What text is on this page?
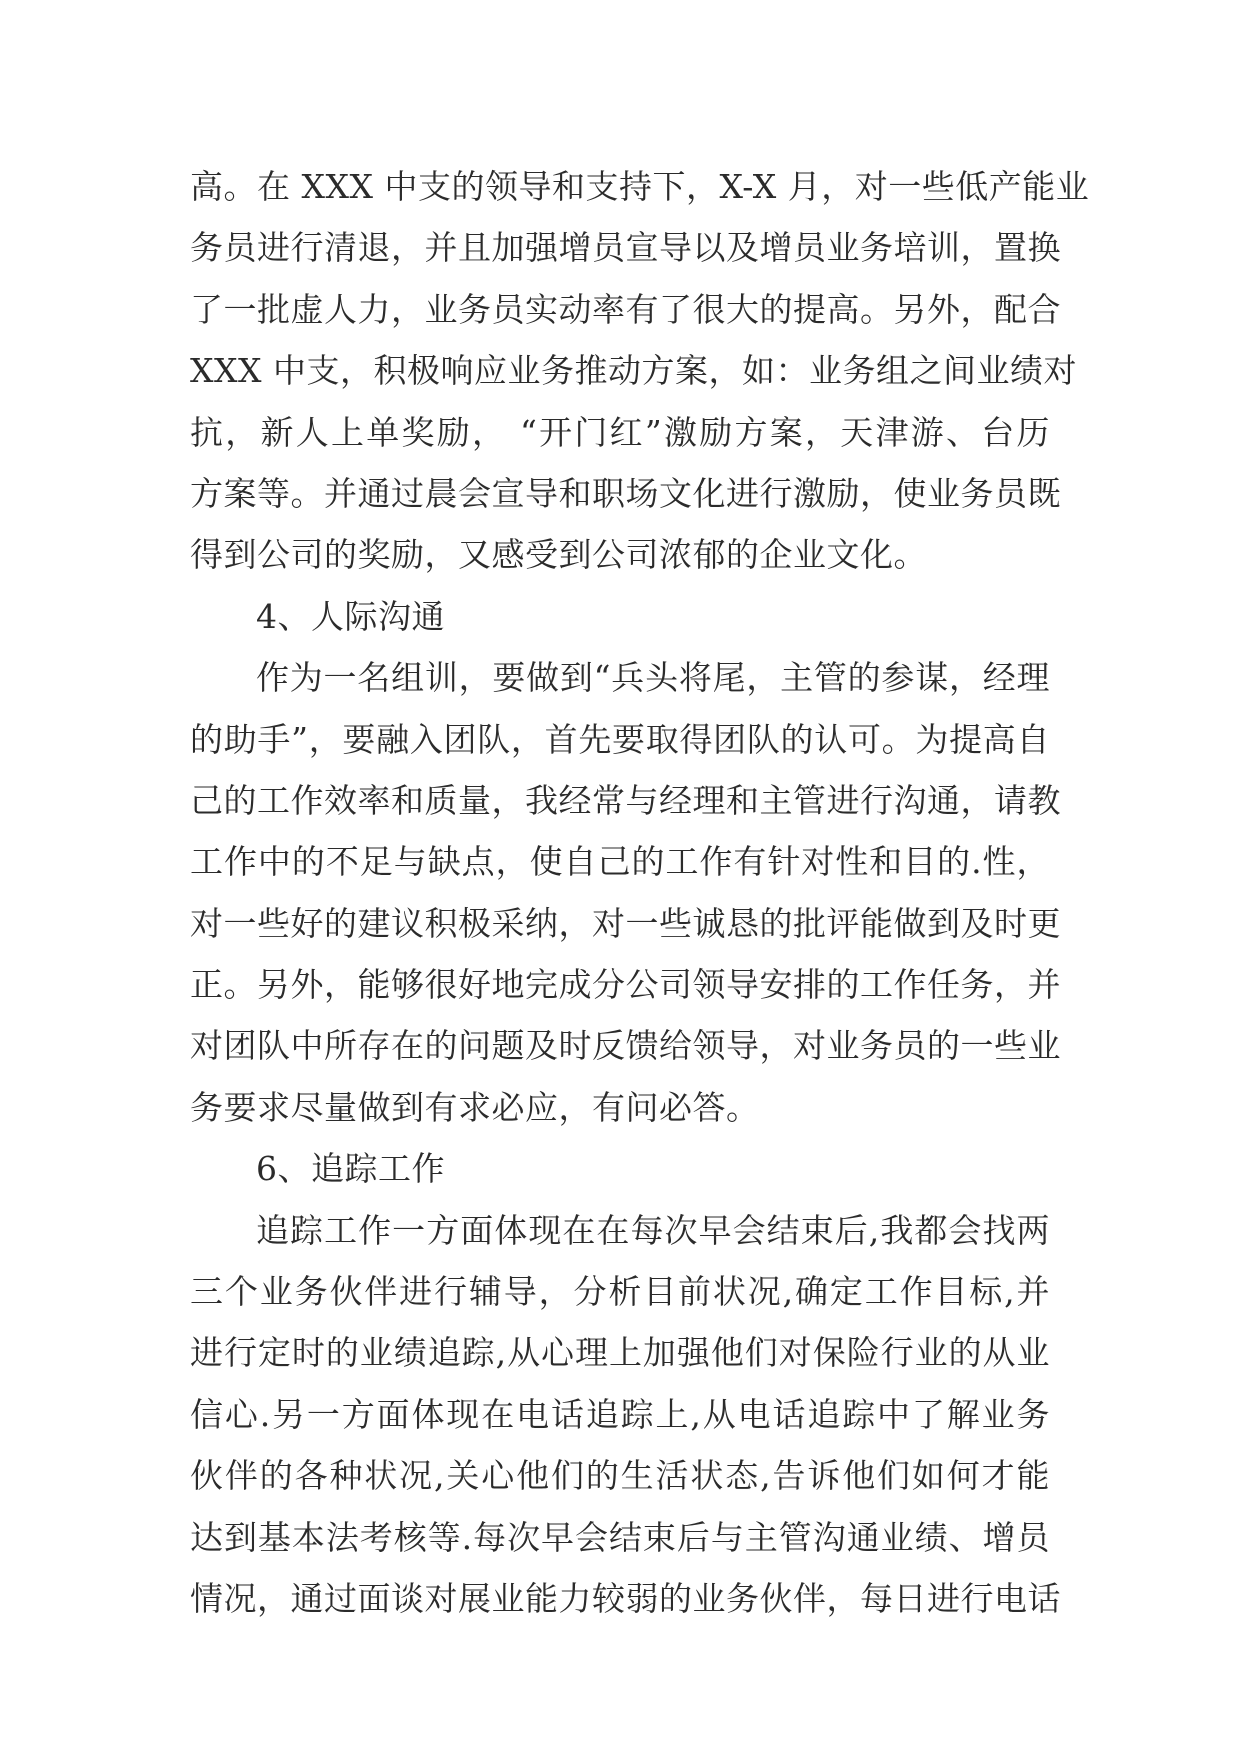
高。在 XXX 中支的领导和支持下，X-X 月，对一些低产能业
务员进行清退，并且加强增员宣导以及增员业务培训，置换
了一批虚人力，业务员实动率有了很大的提高。另外，配合
XXX 中支，积极响应业务推动方案，如：业务组之间业绩对
抗，新人上单奖励， “开门红”激励方案，天津游、台历
方案等。并通过晨会宣导和职场文化进行激励，使业务员既
得到公司的奖励，又感受到公司浓郁的企业文化。
4、人际沟通
作为一名组训，要做到“兵头将尾，主管的参谋，经理
的助手”，要融入团队，首先要取得团队的认可。为提高自
己的工作效率和质量，我经常与经理和主管进行沟通，请教
工作中的不足与缺点，使自己的工作有针对性和目的.性，
对一些好的建议积极采纳，对一些诚恳的批评能做到及时更
正。另外，能够很好地完成分公司领导安排的工作任务，并
对团队中所存在的问题及时反馈给领导，对业务员的一些业
务要求尽量做到有求必应，有问必答。
6、追踪工作
追踪工作一方面体现在在每次早会结束后,我都会找两
三个业务伙伴进行辅导，分析目前状况,确定工作目标,并
进行定时的业绩追踪,从心理上加强他们对保险行业的从业
信心.另一方面体现在电话追踪上,从电话追踪中了解业务
伙伴的各种状况,关心他们的生活状态,告诉他们如何才能
达到基本法考核等.每次早会结束后与主管沟通业绩、增员
情况，通过面谈对展业能力较弱的业务伙伴，每日进行电话
